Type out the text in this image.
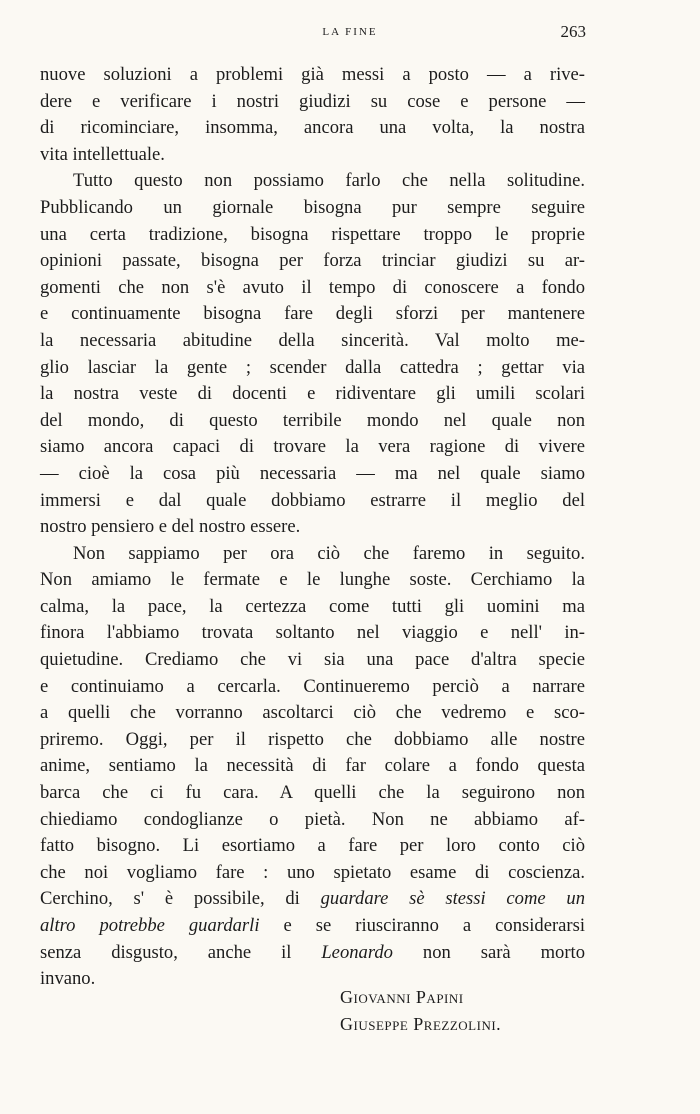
LA FINE	263
nuove soluzioni a problemi già messi a posto — a rive-
dere e verificare i nostri giudizi su cose e persone —
di ricominciare, insomma, ancora una volta, la nostra
vita intellettuale.
Tutto questo non possiamo farlo che nella solitudine.
Pubblicando un giornale bisogna pur sempre seguire
una certa tradizione, bisogna rispettare troppo le proprie
opinioni passate, bisogna per forza trinciar giudizi su ar-
gomenti che non s'è avuto il tempo di conoscere a fondo
e continuamente bisogna fare degli sforzi per mantenere
la necessaria abitudine della sincerità. Val molto me-
glio lasciar la gente ; scender dalla cattedra ; gettar via
la nostra veste di docenti e ridiventare gli umili scolari
del mondo, di questo terribile mondo nel quale non
siamo ancora capaci di trovare la vera ragione di vivere
— cioè la cosa più necessaria — ma nel quale siamo
immersi e dal quale dobbiamo estrarre il meglio del
nostro pensiero e del nostro essere.
Non sappiamo per ora ciò che faremo in seguito.
Non amiamo le fermate e le lunghe soste. Cerchiamo la
calma, la pace, la certezza come tutti gli uomini ma
finora l'abbiamo trovata soltanto nel viaggio e nell' in-
quietudine. Crediamo che vi sia una pace d'altra specie
e continuiamo a cercarla. Continueremo perciò a narrare
a quelli che vorranno ascoltarci ciò che vedremo e sco-
priremo. Oggi, per il rispetto che dobbiamo alle nostre
anime, sentiamo la necessità di far colare a fondo questa
barca che ci fu cara. A quelli che la seguirono non
chiediamo condoglianze o pietà. Non ne abbiamo af-
fatto bisogno. Li esortiamo a fare per loro conto ciò
che noi vogliamo fare : uno spietato esame di coscienza.
Cerchino, s' è possibile, di guardare sè stessi come un
altro potrebbe guardarli e se riusciranno a considerarsi
senza disgusto, anche il Leonardo non sarà morto
invano.
Giovanni Papini
Giuseppe Prezzolini.
